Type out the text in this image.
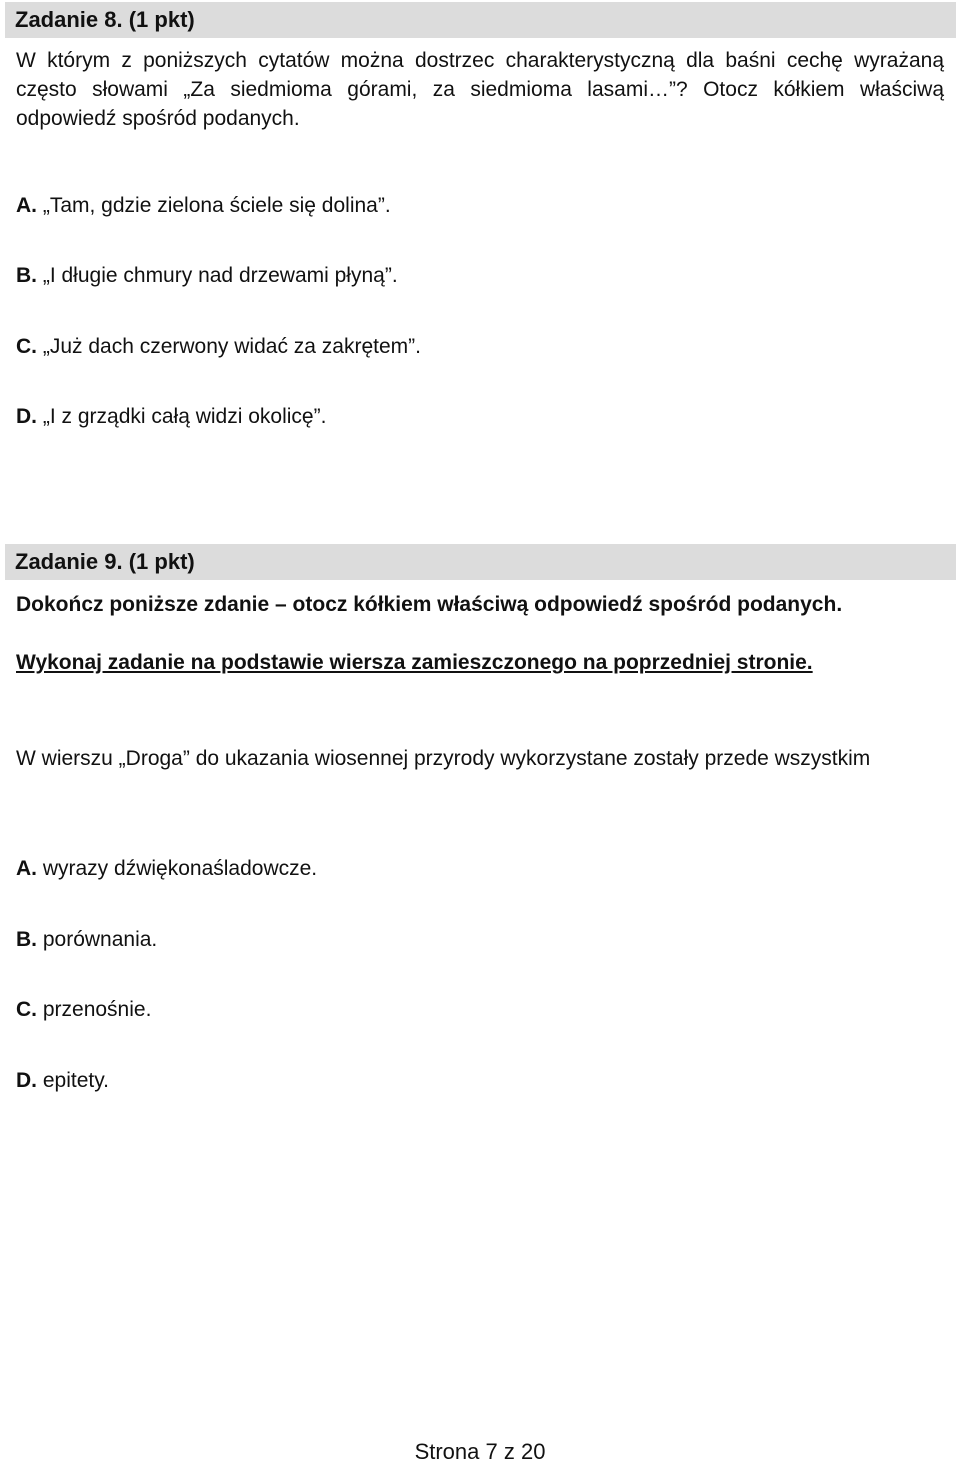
Zadanie 8. (1 pkt)

W którym z poniższych cytatów można dostrzec charakterystyczną dla baśni cechę wyrażaną często słowami „Za siedmioma górami, za siedmioma lasami…”? Otocz kółkiem właściwą odpowiedź spośród podanych.

A. „Tam, gdzie zielona ściele się dolina”.
B. „I długie chmury nad drzewami płyną”.
C. „Już dach czerwony widać za zakrętem”.
D. „I z grządki całą widzi okolicę”.
Zadanie 9. (1 pkt)

Dokończ poniższe zdanie – otocz kółkiem właściwą odpowiedź spośród podanych.

Wykonaj zadanie na podstawie wiersza zamieszczonego na poprzedniej stronie.

W wierszu „Droga” do ukazania wiosennej przyrody wykorzystane zostały przede wszystkim

A. wyrazy dźwiękonaśladowcze.
B. porównania.
C. przenośnie.
D. epitety.
Strona 7 z 20
